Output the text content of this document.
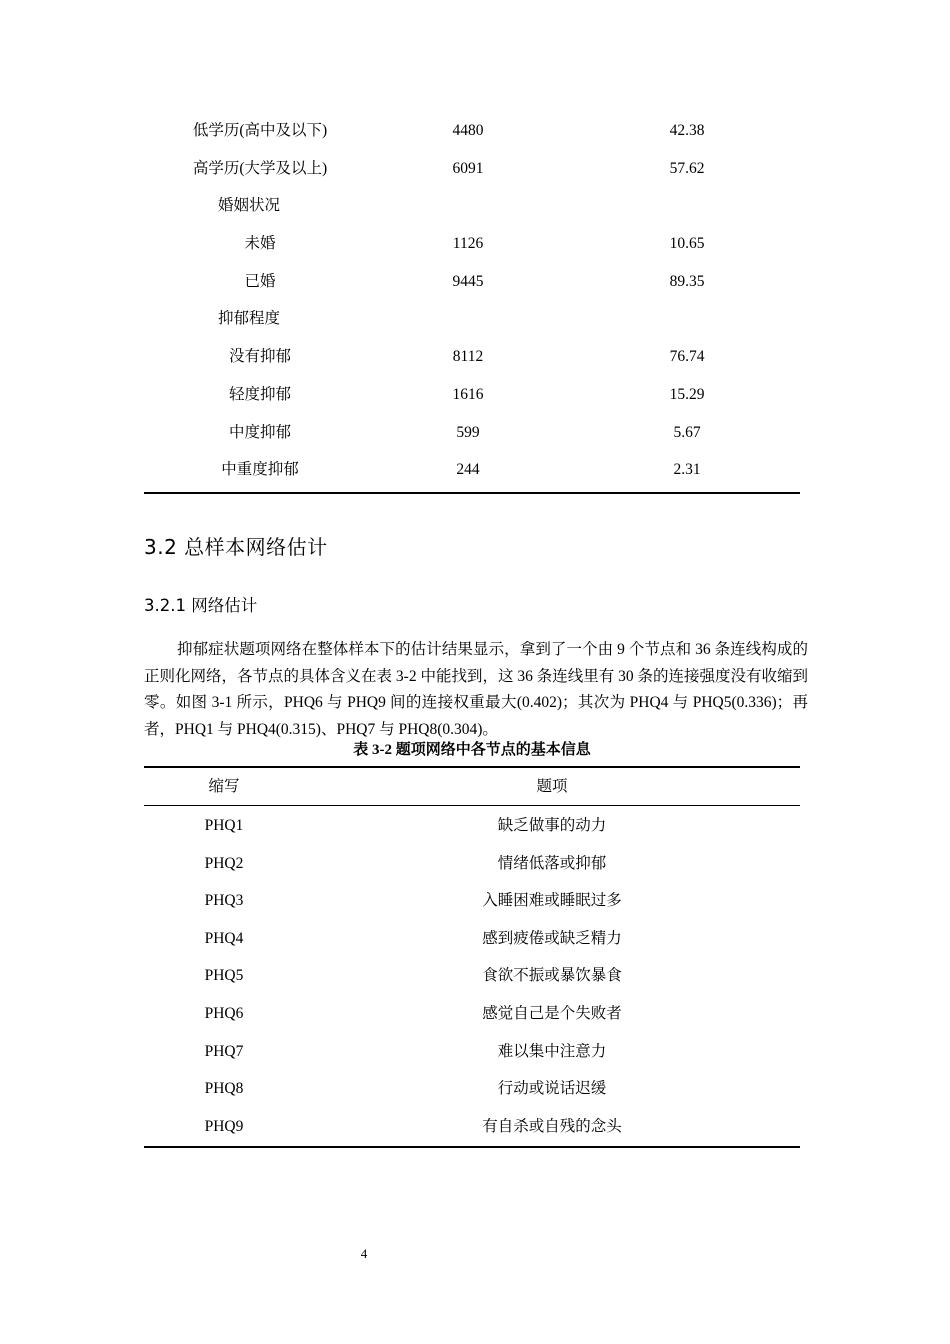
低学历(高中及以下)	4480	42.38
高学历(大学及以上)	6091	57.62
婚姻状况
未婚	1126	10.65
已婚	9445	89.35
抑郁程度
没有抑郁	8112	76.74
轻度抑郁	1616	15.29
中度抑郁	599	5.67
中重度抑郁	244	2.31
3.2 总样本网络估计
3.2.1 网络估计
抑郁症状题项网络在整体样本下的估计结果显示，拿到了一个由 9 个节点和 36 条连线构成的正则化网络，各节点的具体含义在表 3-2 中能找到，这 36 条连线里有 30 条的连接强度没有收缩到零。如图 3-1 所示，PHQ6 与 PHQ9 间的连接权重最大(0.402)；其次为 PHQ4 与 PHQ5(0.336)；再者，PHQ1 与 PHQ4(0.315)、PHQ7 与 PHQ8(0.304)。
表 3-2 题项网络中各节点的基本信息
缩写	题项
PHQ1	缺乏做事的动力
PHQ2	情绪低落或抑郁
PHQ3	入睡困难或睡眠过多
PHQ4	感到疲倦或缺乏精力
PHQ5	食欲不振或暴饮暴食
PHQ6	感觉自己是个失败者
PHQ7	难以集中注意力
PHQ8	行动或说话迟缓
PHQ9	有自杀或自残的念头
4
